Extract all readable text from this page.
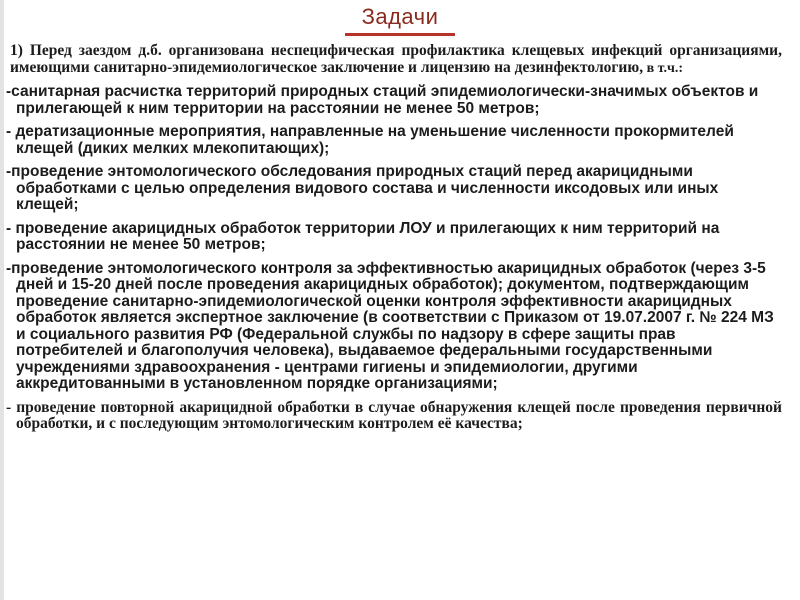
Задачи
1) Перед заездом д.б. организована неспецифическая профилактика клещевых инфекций организациями, имеющими санитарно-эпидемиологическое заключение и лицензию на дезинфектологию, в т.ч.:
-санитарная расчистка территорий природных стаций эпидемиологически-значимых объектов и прилегающей к ним территории на расстоянии не менее 50 метров;
- дератизационные мероприятия, направленные на уменьшение численности прокормителей клещей (диких мелких млекопитающих);
-проведение энтомологического обследования природных стаций перед акарицидными обработками с целью определения видового состава и численности иксодовых или иных клещей;
- проведение акарицидных обработок территории ЛОУ и прилегающих к ним территорий на расстоянии не менее 50 метров;
-проведение энтомологического контроля за эффективностью акарицидных обработок (через 3-5 дней и 15-20 дней после проведения акарицидных обработок); документом, подтверждающим проведение санитарно-эпидемиологической оценки контроля эффективности акарицидных обработок является экспертное заключение (в соответствии с Приказом от 19.07.2007 г. № 224 МЗ и социального развития РФ (Федеральной службы по надзору в сфере защиты прав потребителей и благополучия человека), выдаваемое федеральными государственными учреждениями здравоохранения - центрами гигиены и эпидемиологии, другими аккредитованными в установленном порядке организациями;
- проведение повторной акарицидной обработки в случае обнаружения клещей после проведения первичной обработки, и с последующим энтомологическим контролем её качества;
